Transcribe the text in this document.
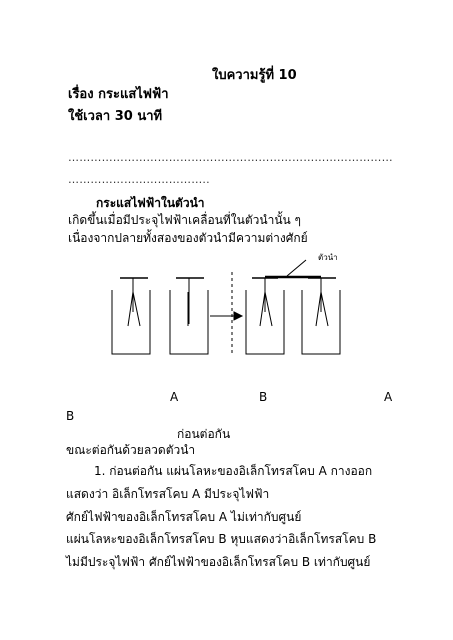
ใบความรู้ที่ 10
เรื่อง กระแสไฟฟ้า
ใช้เวลา 30 นาที
……………………………………………………………………………
………………………………..
กระแสไฟฟ้าในตัวนำ
เกิดขึ้นเมื่อมีประจุไฟฟ้าเคลื่อนที่ในตัวนำนั้น ๆ
เนื่องจากปลายทั้งสองของตัวนำมีความต่างศักย์
ตัวนำ
A	B	A
B
ก่อนต่อกัน
ขณะต่อกันด้วยลวดตัวนำ
1. ก่อนต่อกัน แผ่นโลหะของอิเล็กโทรสโคบ A กางออก
แสดงว่า อิเล็กโทรสโคบ A มีประจุไฟฟ้า
ศักย์ไฟฟ้าของอิเล็กโทรสโคบ A ไม่เท่ากับศูนย์
แผ่นโลหะของอิเล็กโทรสโคบ B หุบแสดงว่าอิเล็กโทรสโคบ B
ไม่มีประจุไฟฟ้า ศักย์ไฟฟ้าของอิเล็กโทรสโคบ B เท่ากับศูนย์
